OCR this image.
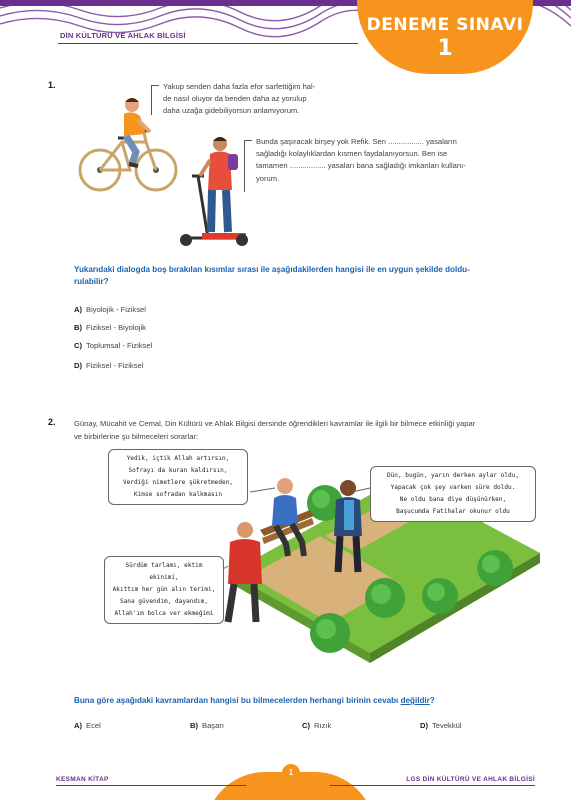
DİN KÜLTÜRÜ VE AHLAK BİLGİSİ
DENEME SINAVI
1
1.	Yakup senden daha fazla efor sarfettiğim hal-
de nasıl oluyor da benden daha az yorulup
daha uzağa gidebiliyorsun anlamıyorum.
Bunda şaşıracak birşey yok Refik. Sen ................. yasaların
sağladığı kolaylıklardan kısmen faydalanıyorsun. Ben ise
tamamen ................. yasaları bana sağladığı imkanları kullanı-
yorum.
Yukarıdaki dialogda boş bırakılan kısımlar sırası ile aşağıdakilerden hangisi ile en uygun şekilde doldu-
rulabilir?
A) Biyolojik - Fiziksel
B) Fiziksel - Biyolojik
C) Toplumsal - Fiziksel
D) Fiziksel - Fiziksel
2. Günay, Mücahit ve Cemal, Din Kültürü ve Ahlak Bilgisi dersinde öğrendikleri kavramlar ile ilgili bir bilmece etkinliği yapar
ve birbirlerine şu bilmeceleri sorarlar:
Yedik, içtik Allah artırsın,
Sofrayı da kuran kaldırsın,
Verdiği nimetlere şükretmeden,
Kimse sofradan kalkmasın
Dün, bugün, yarın derken aylar oldu,
Yapacak çok şey varken süre doldu.
Ne oldu bana diye düşünürken,
Başucumda Fatihalar okunur oldu
Sürdüm tarlamı, ektim ekinimi,
Akıttım her gün alın terimi,
Sana güvendim, dayandım,
Allah'ım bolca ver ekmeğimi
Buna göre aşağıdaki kavramlardan hangisi bu bilmecelerden herhangi birinin cevabı değildir?
A) Ecel	B) Başarı	C) Rızık	D) Tevekkül
KESMAN KİTAP
1
LGS DİN KÜLTÜRÜ VE AHLAK BİLGİSİ
